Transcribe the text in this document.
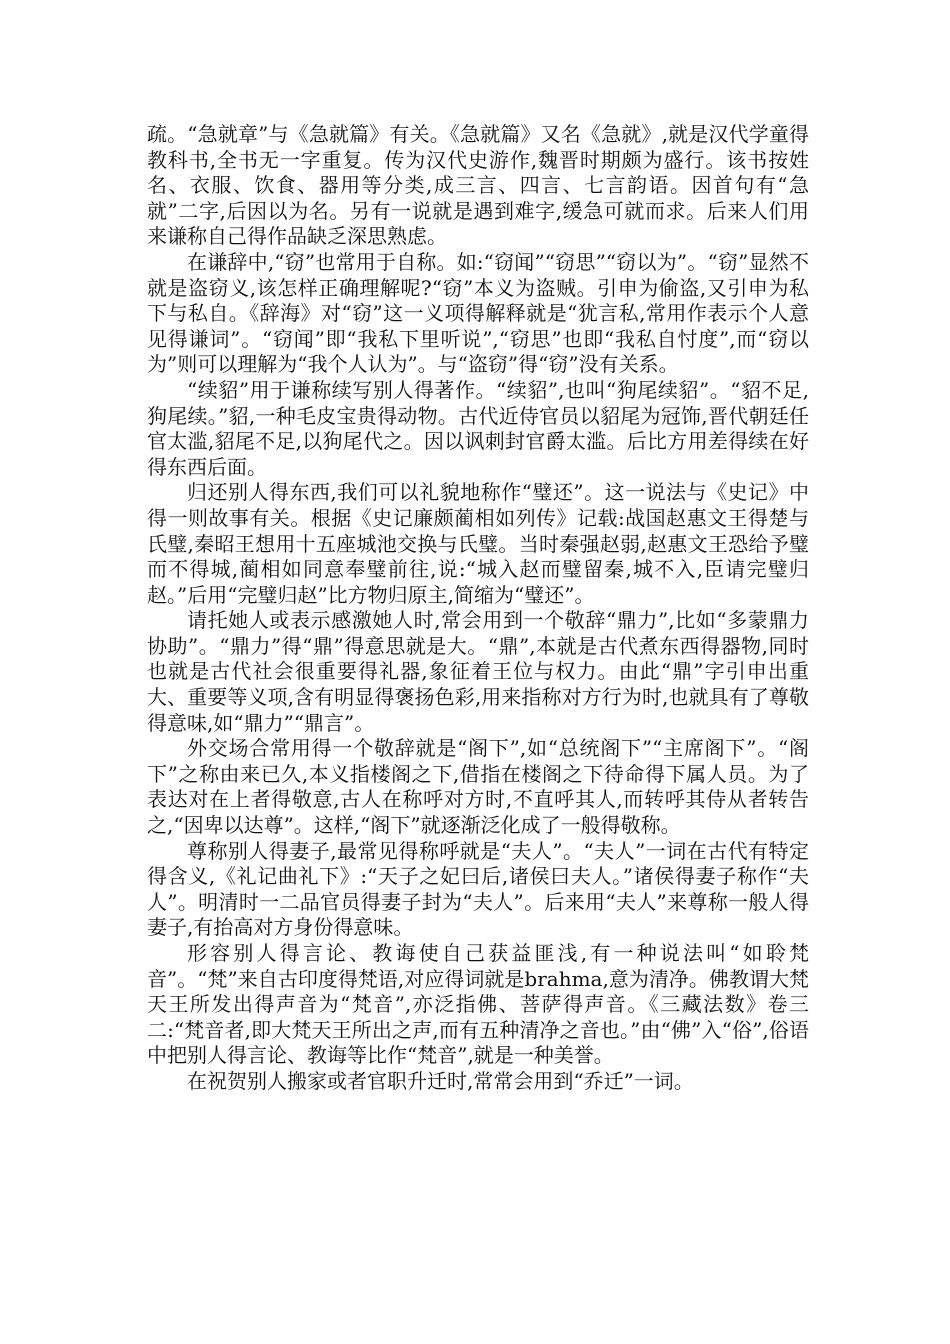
疏。“急就章”与《急就篇》有关。《急就篇》又名《急就》,就是汉代学童得教科书,全书无一字重复。传为汉代史游作,魏晋时期颇为盛行。该书按姓名、衣服、饮食、器用等分类,成三言、四言、七言韵语。因首句有“急就”二字,后因以为名。另有一说就是遇到难字,缓急可就而求。后来人们用来谦称自己得作品缺乏深思熟虑。

在谦辞中,“窃”也常用于自称。如:“窃闻”“窃思”“窃以为”。“窃”显然不就是盗窃义,该怎样正确理解呢?“窃”本义为盗贼。引申为偷盗,又引申为私下与私自。《辞海》对“窃”这一义项得解释就是“犹言私,常用作表示个人意见得谦词”。“窃闻”即“我私下里听说”,“窃思”也即“我私自忖度”,而“窃以为”则可以理解为“我个人认为”。与“盗窃”得“窃”没有关系。

“续貂”用于谦称续写别人得著作。“续貂”,也叫“狗尾续貂”。“貂不足,狗尾续。”貂,一种毛皮宝贵得动物。古代近侍官员以貂尾为冠饰,晋代朝廷任官太滥,貂尾不足,以狗尾代之。因以讽刺封官爵太滥。后比方用差得续在好得东西后面。

归还别人得东西,我们可以礼貌地称作“璧还”。这一说法与《史记》中得一则故事有关。根据《史记廉颇蔺相如列传》记载:战国赵惠文王得楚与氏璧,秦昭王想用十五座城池交换与氏璧。当时秦强赵弱,赵惠文王恐给予璧而不得城,蔺相如同意奉璧前往,说:“城入赵而璧留秦,城不入,臣请完璧归赵。”后用“完璧归赵”比方物归原主,简缩为“璧还”。

请托她人或表示感激她人时,常会用到一个敬辞“鼎力”,比如“多蒙鼎力协助”。“鼎力”得“鼎”得意思就是大。“鼎”,本就是古代煮东西得器物,同时也就是古代社会很重要得礼器,象征着王位与权力。由此“鼎”字引申出重大、重要等义项,含有明显得褒扬色彩,用来指称对方行为时,也就具有了尊敬得意味,如“鼎力”“鼎言”。

外交场合常用得一个敬辞就是“阁下”,如“总统阁下”“主席阁下”。“阁下”之称由来已久,本义指楼阁之下,借指在楼阁之下待命得下属人员。为了表达对在上者得敬意,古人在称呼对方时,不直呼其人,而转呼其侍从者转告之,“因卑以达尊”。这样,“阁下”就逐渐泛化成了一般得敬称。

尊称别人得妻子,最常见得称呼就是“夫人”。“夫人”一词在古代有特定得含义,《礼记曲礼下》:“天子之妃曰后,诸侯曰夫人。”诸侯得妻子称作“夫人”。明清时一二品官员得妻子封为“夫人”。后来用“夫人”来尊称一般人得妻子,有抬高对方身份得意味。

形容别人得言论、教诲使自己获益匪浅,有一种说法叫“如聆梵音”。“梵”来自古印度得梵语,对应得词就是brahma,意为清净。佛教谓大梵天王所发出得声音为“梵音”,亦泛指佛、菩萨得声音。《三藏法数》卷三二:“梵音者,即大梵天王所出之声,而有五种清净之音也。”由“佛”入“俗”,俗语中把别人得言论、教诲等比作“梵音”,就是一种美誉。

在祝贺别人搬家或者官职升迁时,常常会用到“乔迁”一词。
